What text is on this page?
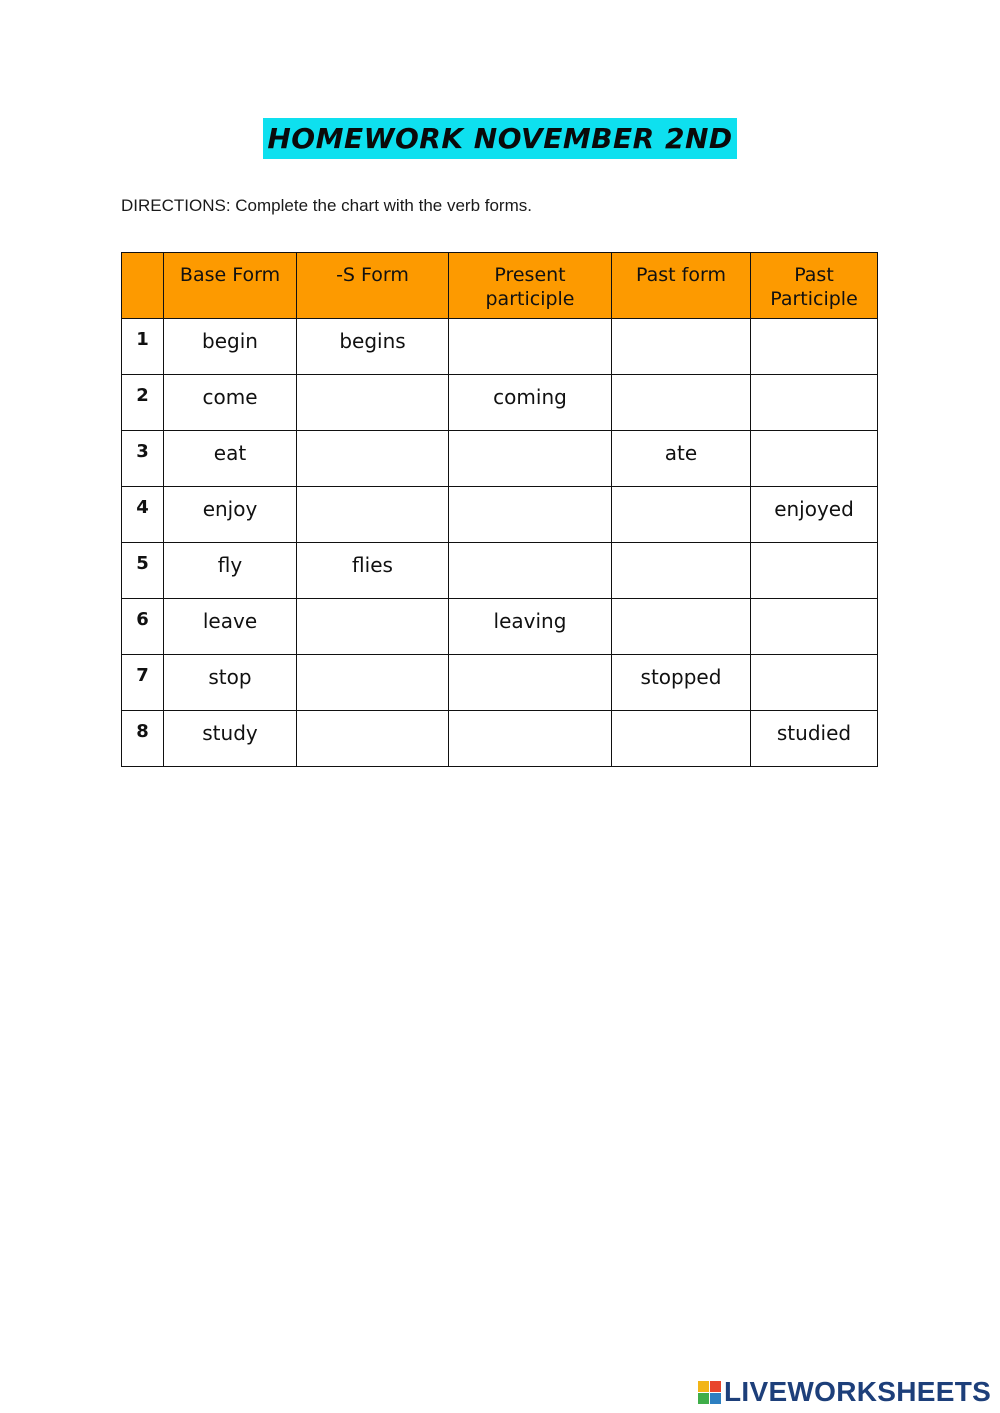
HOMEWORK NOVEMBER 2ND
DIRECTIONS: Complete the chart with the verb forms.
	Base Form	-S Form	Present participle	Past form	Past Participle
1	begin	begins			
2	come		coming		
3	eat			ate	
4	enjoy				enjoyed
5	fly	flies			
6	leave		leaving		
7	stop			stopped	
8	study				studied
LIVEWORKSHEETS
